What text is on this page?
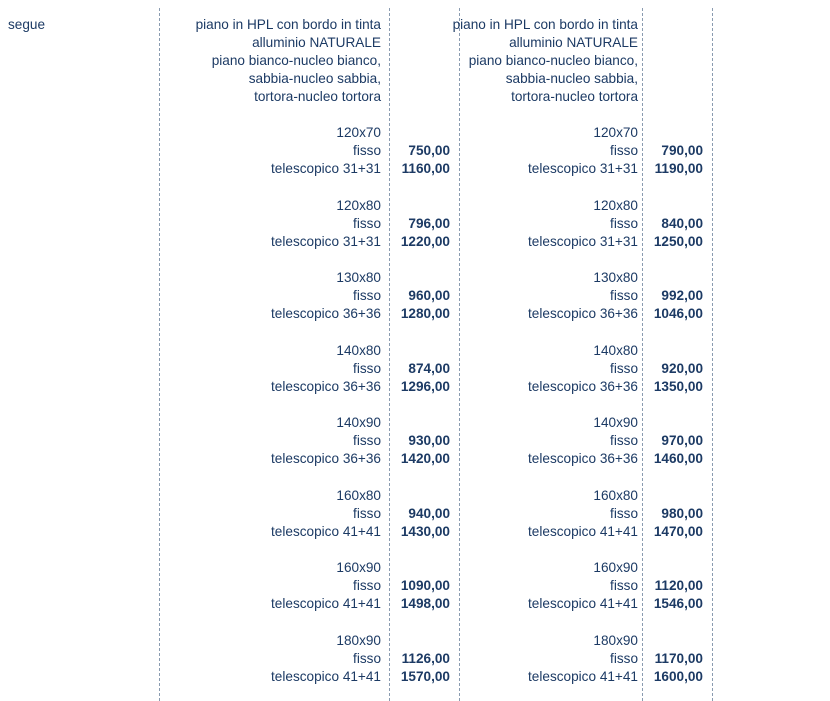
segue	piano in HPL con bordo in tinta
alluminio NATURALE
piano bianco-nucleo bianco,
sabbia-nucleo sabbia,
tortora-nucleo tortora
120x70
fisso 750,00
telescopico 31+31 1160,00
120x80
fisso 796,00
telescopico 31+31 1220,00
130x80
fisso 960,00
telescopico 36+36 1280,00
140x80
fisso 874,00
telescopico 36+36 1296,00
140x90
fisso 930,00
telescopico 36+36 1420,00
160x80
fisso 940,00
telescopico 41+41 1430,00
160x90
fisso 1090,00
telescopico 41+41 1498,00
180x90
fisso 1126,00
telescopico 41+41 1570,00
piano in HPL con bordo in tinta
alluminio NATURALE
piano bianco-nucleo bianco,
sabbia-nucleo sabbia,
tortora-nucleo tortora
120x70
fisso 790,00
telescopico 31+31 1190,00
120x80
fisso 840,00
telescopico 31+31 1250,00
130x80
fisso 992,00
telescopico 36+36 1046,00
140x80
fisso 920,00
telescopico 36+36 1350,00
140x90
fisso 970,00
telescopico 36+36 1460,00
160x80
fisso 980,00
telescopico 41+41 1470,00
160x90
fisso 1120,00
telescopico 41+41 1546,00
180x90
fisso 1170,00
telescopico 41+41 1600,00
